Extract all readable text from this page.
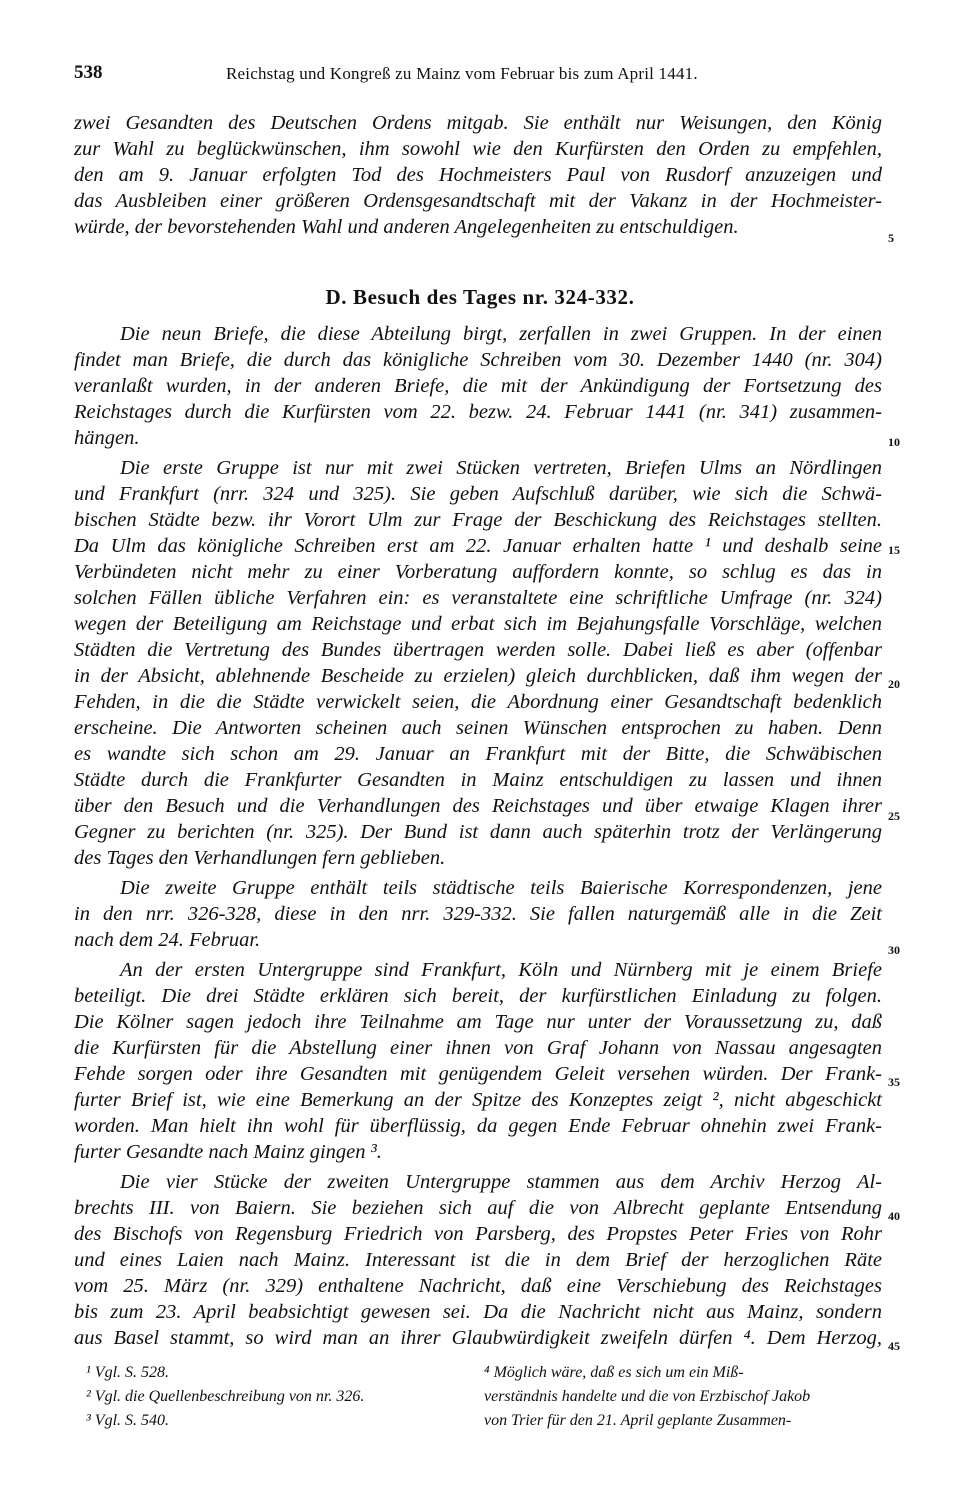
538	Reichstag und Kongreß zu Mainz vom Februar bis zum April 1441.
zwei Gesandten des Deutschen Ordens mitgab. Sie enthält nur Weisungen, den König
zur Wahl zu beglückwünschen, ihm sowohl wie den Kurfürsten den Orden zu empfehlen,
den am 9. Januar erfolgten Tod des Hochmeisters Paul von Rusdorf anzuzeigen und
das Ausbleiben einer größeren Ordensgesandtschaft mit der Vakanz in der Hochmeister-
würde, der bevorstehenden Wahl und anderen Angelegenheiten zu entschuldigen.
D. Besuch des Tages nr. 324-332.
Die neun Briefe, die diese Abteilung birgt, zerfallen in zwei Gruppen. In der einen
findet man Briefe, die durch das königliche Schreiben vom 30. Dezember 1440 (nr. 304)
veranlaßt wurden, in der anderen Briefe, die mit der Ankündigung der Fortsetzung des
Reichstages durch die Kurfürsten vom 22. bezw. 24. Februar 1441 (nr. 341) zusammen-
hängen.
Die erste Gruppe ist nur mit zwei Stücken vertreten, Briefen Ulms an Nördlingen
und Frankfurt (nrr. 324 und 325). Sie geben Aufschluß darüber, wie sich die Schwä-
bischen Städte bezw. ihr Vorort Ulm zur Frage der Beschickung des Reichstages stellten.
Da Ulm das königliche Schreiben erst am 22. Januar erhalten hatte ¹ und deshalb seine
Verbündeten nicht mehr zu einer Vorberatung auffordern konnte, so schlug es das in
solchen Fällen übliche Verfahren ein: es veranstaltete eine schriftliche Umfrage (nr. 324)
wegen der Beteiligung am Reichstage und erbat sich im Bejahungsfalle Vorschläge, welchen
Städten die Vertretung des Bundes übertragen werden solle. Dabei ließ es aber (offenbar
in der Absicht, ablehnende Bescheide zu erzielen) gleich durchblicken, daß ihm wegen der
Fehden, in die die Städte verwickelt seien, die Abordnung einer Gesandtschaft bedenklich
erscheine. Die Antworten scheinen auch seinen Wünschen entsprochen zu haben. Denn
es wandte sich schon am 29. Januar an Frankfurt mit der Bitte, die Schwäbischen
Städte durch die Frankfurter Gesandten in Mainz entschuldigen zu lassen und ihnen
über den Besuch und die Verhandlungen des Reichstages und über etwaige Klagen ihrer
Gegner zu berichten (nr. 325). Der Bund ist dann auch späterhin trotz der Verlängerung
des Tages den Verhandlungen fern geblieben.
Die zweite Gruppe enthält teils städtische teils Baierische Korrespondenzen, jene
in den nrr. 326-328, diese in den nrr. 329-332. Sie fallen naturgemäß alle in die Zeit
nach dem 24. Februar.
An der ersten Untergruppe sind Frankfurt, Köln und Nürnberg mit je einem Briefe
beteiligt. Die drei Städte erklären sich bereit, der kurfürstlichen Einladung zu folgen.
Die Kölner sagen jedoch ihre Teilnahme am Tage nur unter der Voraussetzung zu, daß
die Kurfürsten für die Abstellung einer ihnen von Graf Johann von Nassau angesagten
Fehde sorgen oder ihre Gesandten mit genügendem Geleit versehen würden. Der Frank-
furter Brief ist, wie eine Bemerkung an der Spitze des Konzeptes zeigt ², nicht abgeschickt
worden. Man hielt ihn wohl für überflüssig, da gegen Ende Februar ohnehin zwei Frank-
furter Gesandte nach Mainz gingen ³.
Die vier Stücke der zweiten Untergruppe stammen aus dem Archiv Herzog Al-
brechts III. von Baiern. Sie beziehen sich auf die von Albrecht geplante Entsendung
des Bischofs von Regensburg Friedrich von Parsberg, des Propstes Peter Fries von Rohr
und eines Laien nach Mainz. Interessant ist die in dem Brief der herzoglichen Räte
vom 25. März (nr. 329) enthaltene Nachricht, daß eine Verschiebung des Reichstages
bis zum 23. April beabsichtigt gewesen sei. Da die Nachricht nicht aus Mainz, sondern
aus Basel stammt, so wird man an ihrer Glaubwürdigkeit zweifeln dürfen ⁴. Dem Herzog,
5
10
15
20
25
30
35
40
45
¹ Vgl. S. 528.
² Vgl. die Quellenbeschreibung von nr. 326.
³ Vgl. S. 540.
⁴ Möglich wäre, daß es sich um ein Miß-
verständnis handelte und die von Erzbischof Jakob
von Trier für den 21. April geplante Zusammen-
